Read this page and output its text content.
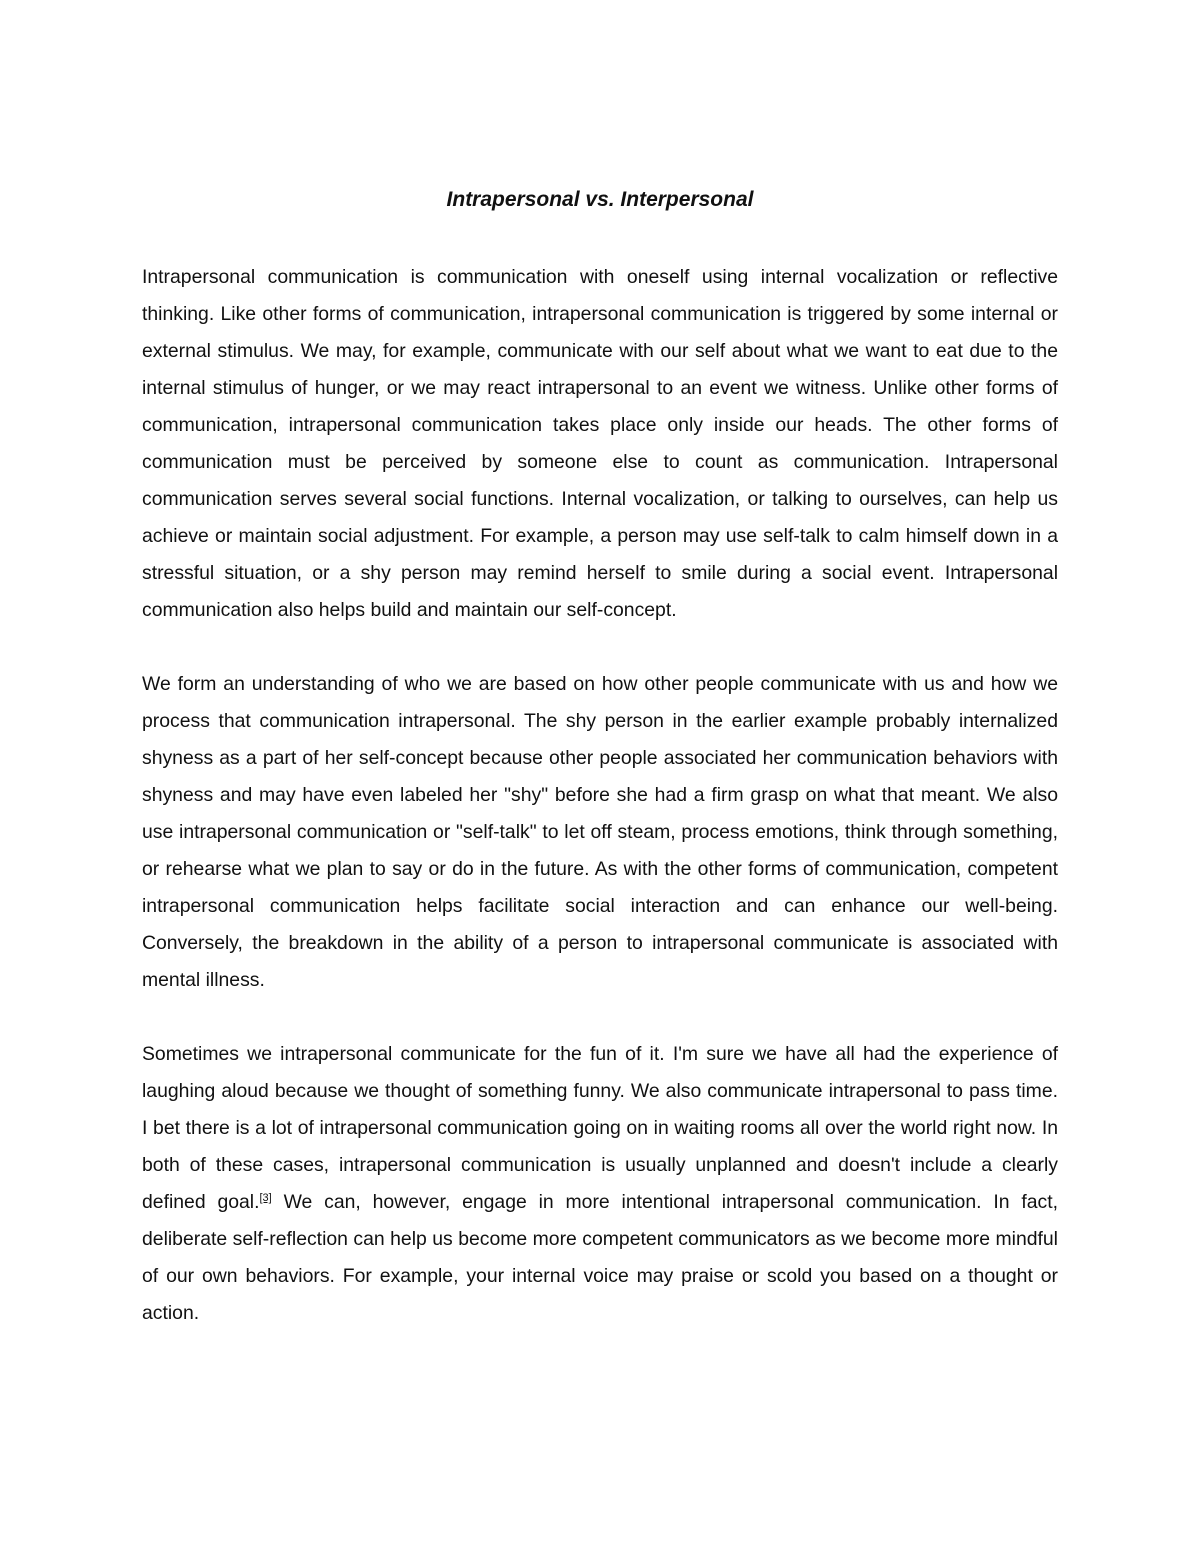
Intrapersonal vs. Interpersonal

Intrapersonal communication is communication with oneself using internal vocalization or reflective thinking. Like other forms of communication, intrapersonal communication is triggered by some internal or external stimulus. We may, for example, communicate with our self about what we want to eat due to the internal stimulus of hunger, or we may react intrapersonal to an event we witness. Unlike other forms of communication, intrapersonal communication takes place only inside our heads. The other forms of communication must be perceived by someone else to count as communication. Intrapersonal communication serves several social functions. Internal vocalization, or talking to ourselves, can help us achieve or maintain social adjustment. For example, a person may use self-talk to calm himself down in a stressful situation, or a shy person may remind herself to smile during a social event. Intrapersonal communication also helps build and maintain our self-concept.

We form an understanding of who we are based on how other people communicate with us and how we process that communication intrapersonal. The shy person in the earlier example probably internalized shyness as a part of her self-concept because other people associated her communication behaviors with shyness and may have even labeled her "shy" before she had a firm grasp on what that meant. We also use intrapersonal communication or "self-talk" to let off steam, process emotions, think through something, or rehearse what we plan to say or do in the future. As with the other forms of communication, competent intrapersonal communication helps facilitate social interaction and can enhance our well-being. Conversely, the breakdown in the ability of a person to intrapersonal communicate is associated with mental illness.

Sometimes we intrapersonal communicate for the fun of it. I'm sure we have all had the experience of laughing aloud because we thought of something funny. We also communicate intrapersonal to pass time. I bet there is a lot of intrapersonal communication going on in waiting rooms all over the world right now. In both of these cases, intrapersonal communication is usually unplanned and doesn't include a clearly defined goal.[3] We can, however, engage in more intentional intrapersonal communication. In fact, deliberate self-reflection can help us become more competent communicators as we become more mindful of our own behaviors. For example, your internal voice may praise or scold you based on a thought or action.
